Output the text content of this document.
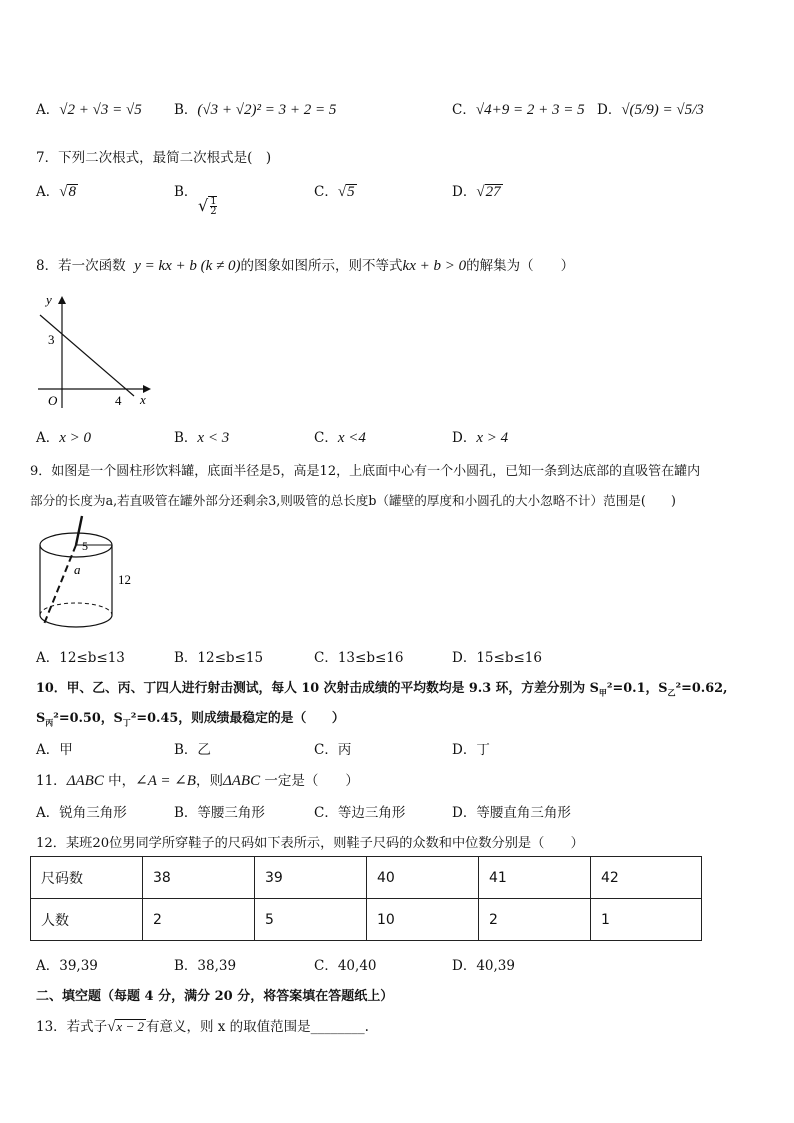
A．√2 + √3 = √5 B．(√3 + √2)² = 3 + 2 = 5	C．√4+9 = 2 + 3 = 5 D．√(5/9) = √5/3
7．下列二次根式，最简二次根式是(　)
A．√8	B．
√ $\frac{1}{2}$
C．√5	D．√27
8．若一次函数 y = kx + b (k ≠ 0)的图象如图所示，则不等式kx + b > 0的解集为（　　）
y
x
O
3
4
A．x > 0	B．x < 3	C．x <4	D．x > 4
9．如图是一个圆柱形饮料罐，底面半径是5，高是12，上底面中心有一个小圆孔，已知一条到达底部的直吸管在罐内
部分的长度为a,若直吸管在罐外部分还剩余3,则吸管的总长度b（罐壁的厚度和小圆孔的大小忽略不计）范围是(　　)
5
a
12
A．12≤b≤13	B．12≤b≤15	C．13≤b≤16	D．15≤b≤16
10．甲、乙、丙、丁四人进行射击测试，每人 10 次射击成绩的平均数均是 9.3 环，方差分别为 $S_甲^2=0.1$，$S_乙^2=0.62$,
$S_丙^2=0.50$，$S_丁^2=0.45$，则成绩最稳定的是（　　）
A．甲	B．乙	C．丙	D．丁
11．ΔABC 中，∠A = ∠B，则ΔABC 一定是（　　）
A．锐角三角形	B．等腰三角形	C．等边三角形	D．等腰直角三角形
12．某班20位男同学所穿鞋子的尺码如下表所示，则鞋子尺码的众数和中位数分别是（　　）
尺码数	38	39	40	41	42
人数	2	5	10	2	1
A．39,39	B．38,39	C．40,40	D．40,39
二、填空题（每题 4 分，满分 20 分，将答案填在答题纸上）
13．若式子√x − 2 有意义，则 x 的取值范围是________.
